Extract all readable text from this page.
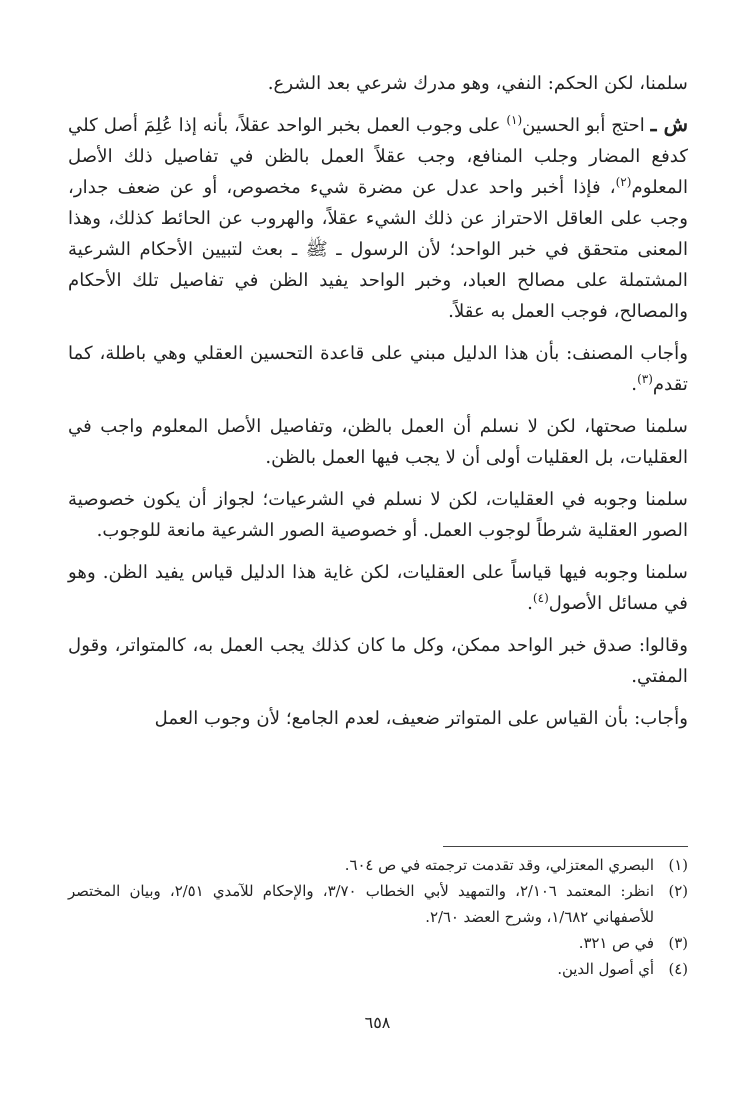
سلمنا، لكن الحكم: النفي، وهو مدرك شرعي بعد الشرع.

ش ـ احتج أبو الحسين$^{(١)}$ على وجوب العمل بخبر الواحد عقلاً، بأنه إذا عُلِمَ أصل كلي كدفع المضار وجلب المنافع، وجب عقلاً العمل بالظن في تفاصيل ذلك الأصل المعلوم$^{(٢)}$، فإذا أخبر واحد عدل عن مضرة شيء مخصوص، أو عن ضعف جدار، وجب على العاقل الاحتراز عن ذلك الشيء عقلاً، والهروب عن الحائط كذلك، وهذا المعنى متحقق في خبر الواحد؛ لأن الرسول ـ ﷺ ـ بعث لتبيين الأحكام الشرعية المشتملة على مصالح العباد، وخبر الواحد يفيد الظن في تفاصيل تلك الأحكام والمصالح، فوجب العمل به عقلاً.

وأجاب المصنف: بأن هذا الدليل مبني على قاعدة التحسين العقلي وهي باطلة، كما تقدم$^{(٣)}$.

سلمنا صحتها، لكن لا نسلم أن العمل بالظن، وتفاصيل الأصل المعلوم واجب في العقليات، بل العقليات أولى أن لا يجب فيها العمل بالظن.

سلمنا وجوبه في العقليات، لكن لا نسلم في الشرعيات؛ لجواز أن يكون خصوصية الصور العقلية شرطاً لوجوب العمل. أو خصوصية الصور الشرعية مانعة للوجوب.

سلمنا وجوبه فيها قياساً على العقليات، لكن غاية هذا الدليل قياس يفيد الظن. وهو في مسائل الأصول$^{(٤)}$.

وقالوا: صدق خبر الواحد ممكن، وكل ما كان كذلك يجب العمل به، كالمتواتر، وقول المفتي.

وأجاب: بأن القياس على المتواتر ضعيف، لعدم الجامع؛ لأن وجوب العمل

(١)
البصري المعتزلي، وقد تقدمت ترجمته في ص ٦٠٤.

(٢)
انظر: المعتمد ٢/١٠٦، والتمهيد لأبي الخطاب ٣/٧٠، والإحكام للآمدي ٢/٥١، وبيان المختصر للأصفهاني ١/٦٨٢، وشرح العضد ٢/٦٠.

(٣)
في ص ٣٢١.

(٤)
أي أصول الدين.

٦٥٨
